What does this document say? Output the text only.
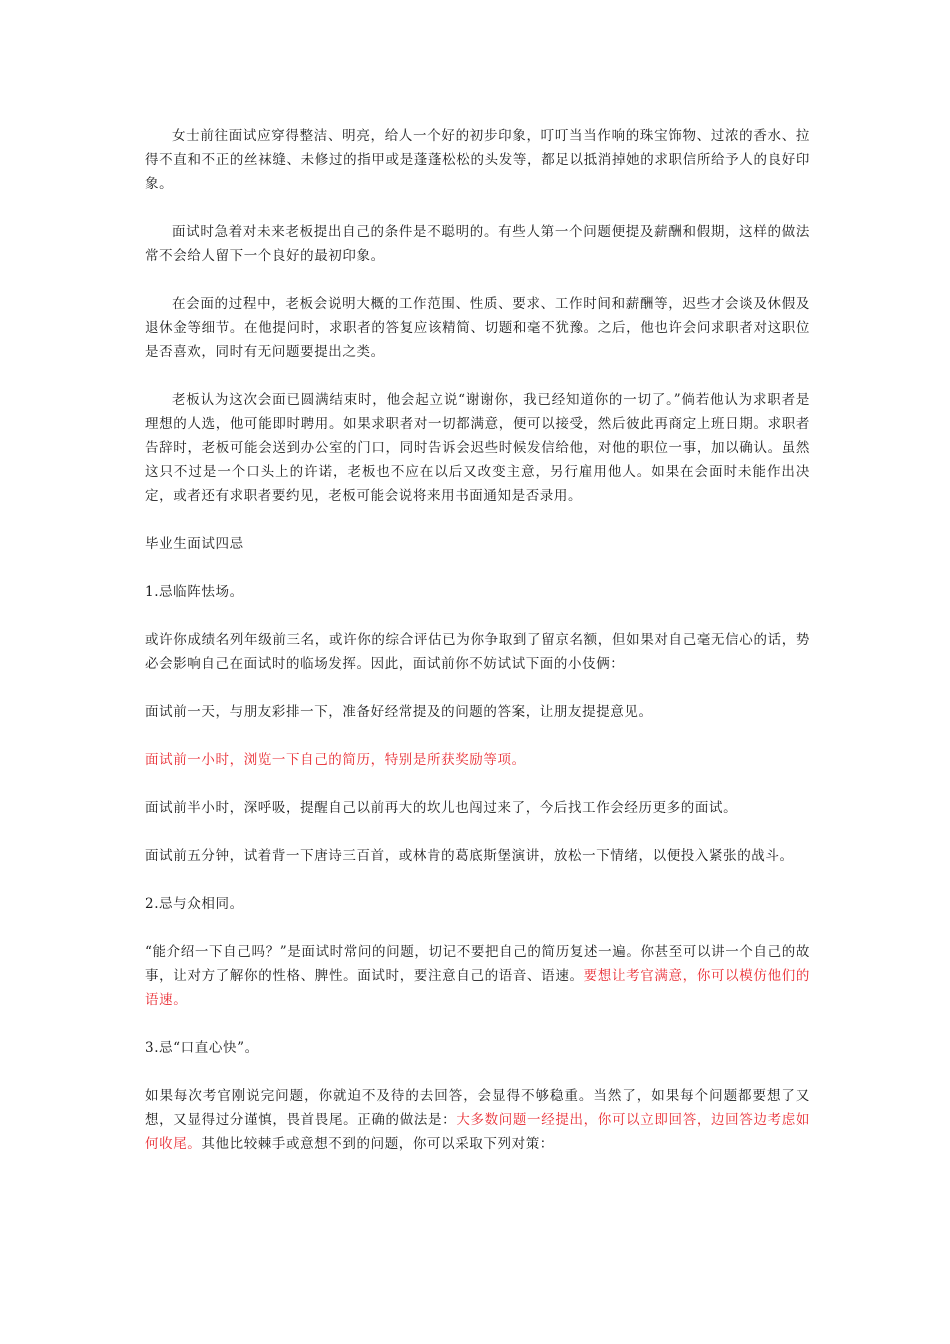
女士前往面试应穿得整洁、明亮，给人一个好的初步印象，叮叮当当作响的珠宝饰物、过浓的香水、拉得不直和不正的丝袜缝、未修过的指甲或是蓬蓬松松的头发等，都足以抵消掉她的求职信所给予人的良好印象。

面试时急着对未来老板提出自己的条件是不聪明的。有些人第一个问题便提及薪酬和假期，这样的做法常不会给人留下一个良好的最初印象。

在会面的过程中，老板会说明大概的工作范围、性质、要求、工作时间和薪酬等，迟些才会谈及休假及退休金等细节。在他提问时，求职者的答复应该精简、切题和毫不犹豫。之后，他也许会问求职者对这职位是否喜欢，同时有无问题要提出之类。

老板认为这次会面已圆满结束时，他会起立说“谢谢你，我已经知道你的一切了。”倘若他认为求职者是理想的人选，他可能即时聘用。如果求职者对一切都满意，便可以接受，然后彼此再商定上班日期。求职者告辞时，老板可能会送到办公室的门口，同时告诉会迟些时候发信给他，对他的职位一事，加以确认。虽然这只不过是一个口头上的许诺，老板也不应在以后又改变主意，另行雇用他人。如果在会面时未能作出决定，或者还有求职者要约见，老板可能会说将来用书面通知是否录用。

毕业生面试四忌

1.忌临阵怯场。

或许你成绩名列年级前三名，或许你的综合评估已为你争取到了留京名额，但如果对自己毫无信心的话，势必会影响自己在面试时的临场发挥。因此，面试前你不妨试试下面的小伎俩：

面试前一天，与朋友彩排一下，准备好经常提及的问题的答案，让朋友提提意见。

面试前一小时，浏览一下自己的简历，特别是所获奖励等项。

面试前半小时，深呼吸，提醒自己以前再大的坎儿也闯过来了，今后找工作会经历更多的面试。

面试前五分钟，试着背一下唐诗三百首，或林肯的葛底斯堡演讲，放松一下情绪，以便投入紧张的战斗。

2.忌与众相同。

“能介绍一下自己吗？”是面试时常问的问题，切记不要把自己的简历复述一遍。你甚至可以讲一个自己的故事，让对方了解你的性格、脾性。面试时，要注意自己的语音、语速。要想让考官满意，你可以模仿他们的语速。

3.忌“口直心快”。

如果每次考官刚说完问题，你就迫不及待的去回答，会显得不够稳重。当然了，如果每个问题都要想了又想，又显得过分谨慎，畏首畏尾。正确的做法是：大多数问题一经提出，你可以立即回答，边回答边考虑如何收尾。其他比较棘手或意想不到的问题，你可以采取下列对策：
